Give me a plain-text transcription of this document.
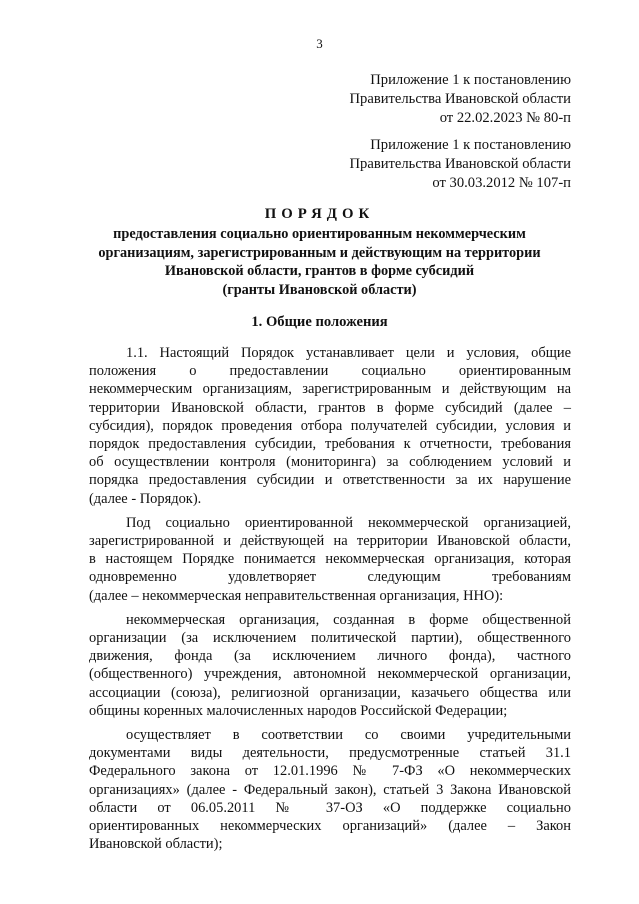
3
Приложение 1 к постановлению
Правительства Ивановской области
от 22.02.2023 № 80-п
Приложение 1 к постановлению
Правительства Ивановской области
от 30.03.2012 № 107-п
ПОРЯДОК
предоставления социально ориентированным некоммерческим
организациям, зарегистрированным и действующим на территории
Ивановской области, грантов в форме субсидий
(гранты Ивановской области)
1. Общие положения
1.1. Настоящий Порядок устанавливает цели и условия, общие
положения о предоставлении социально ориентированным
некоммерческим организациям, зарегистрированным и действующим на
территории Ивановской области, грантов в форме субсидий (далее –
субсидия), порядок проведения отбора получателей субсидии, условия и
порядок предоставления субсидии, требования к отчетности, требования
об осуществлении контроля (мониторинга) за соблюдением условий и
порядка предоставления субсидии и ответственности за их нарушение
(далее - Порядок).
Под социально ориентированной некоммерческой организацией,
зарегистрированной и действующей на территории Ивановской области,
в настоящем Порядке понимается некоммерческая организация, которая
одновременно удовлетворяет следующим требованиям
(далее – некоммерческая неправительственная организация, ННО):
некоммерческая организация, созданная в форме общественной
организации (за исключением политической партии), общественного
движения, фонда (за исключением личного фонда), частного
(общественного) учреждения, автономной некоммерческой организации,
ассоциации (союза), религиозной организации, казачьего общества или
общины коренных малочисленных народов Российской Федерации;
осуществляет в соответствии со своими учредительными
документами виды деятельности, предусмотренные статьей 31.1
Федерального закона от 12.01.1996 № 7-ФЗ «О некоммерческих
организациях» (далее - Федеральный закон), статьей 3 Закона Ивановской
области от 06.05.2011 № 37-ОЗ «О поддержке социально
ориентированных некоммерческих организаций» (далее – Закон
Ивановской области);
